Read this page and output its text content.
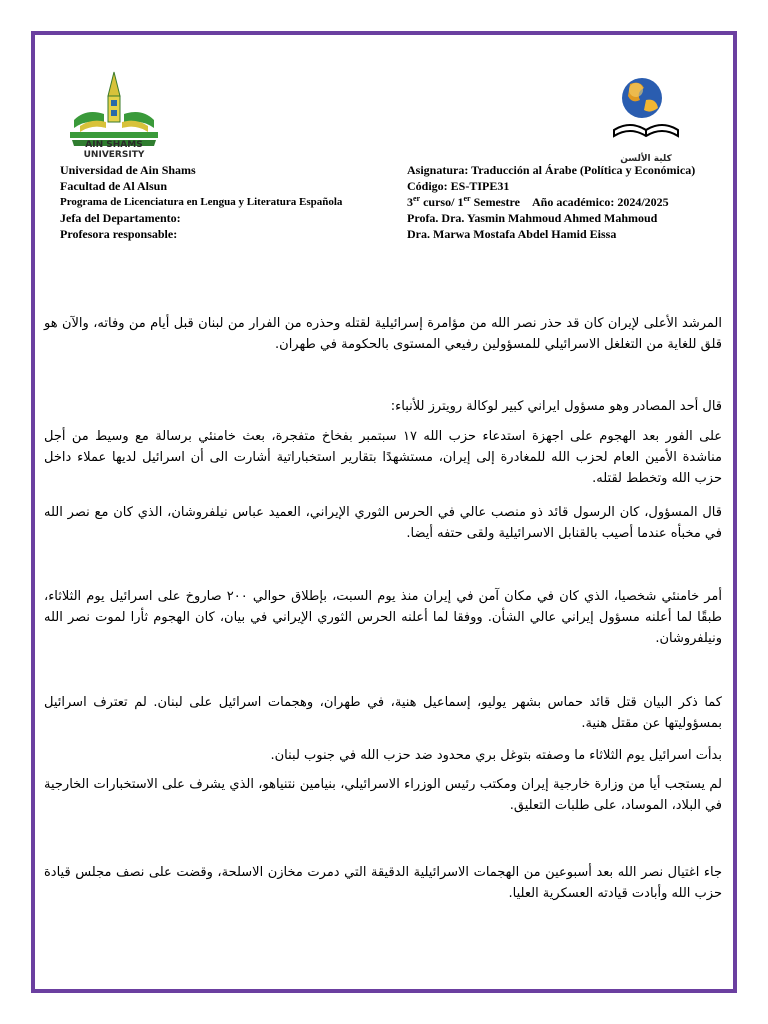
AIN SHAMS UNIVERSITY	كلية الألسن
Universidad de Ain Shams
Facultad de Al Alsun
Programa de Licenciatura en Lengua y Literatura Española
Jefa del Departamento:
Profesora responsable:
Asignatura: Traducción al Árabe (Política y Económica)
Código: ES-TIPE31
3er curso/ 1er Semestre Año académico: 2024/2025
Profa. Dra. Yasmin Mahmoud Ahmed Mahmoud
Dra. Marwa Mostafa Abdel Hamid Eissa

المرشد الأعلى لإيران كان قد حذر نصر الله من مؤامرة إسرائيلية لقتله وحذره من الفرار من لبنان قبل أيام من وفاته، والآن هو قلق للغاية من التغلغل الاسرائيلي للمسؤولين رفيعي المستوى بالحكومة في طهران.

قال أحد المصادر وهو مسؤول ايراني كبير لوكالة رويترز للأنباء:

على الفور بعد الهجوم على اجهزة استدعاء حزب الله ١٧ سبتمبر بفخاخ متفجرة، بعث خامنئي برسالة مع وسيط من أجل مناشدة الأمين العام لحزب الله للمغادرة إلى إيران، مستشهدًا بتقارير استخباراتية أشارت الى أن اسرائيل لديها عملاء داخل حزب الله وتخطط لقتله.

قال المسؤول، كان الرسول قائد ذو منصب عالي في الحرس الثوري الإيراني، العميد عباس نيلفروشان، الذي كان مع نصر الله في مخبأه عندما أصيب بالقنابل الاسرائيلية ولقى حتفه أيضا.

أمر خامنئي شخصيا، الذي كان في مكان آمن في إيران منذ يوم السبت، بإطلاق حوالي ٢٠٠ صاروخ على اسرائيل يوم الثلاثاء، طبقًا لما أعلنه مسؤول إيراني عالي الشأن. ووفقا لما أعلنه الحرس الثوري الإيراني في بيان، كان الهجوم ثأرا لموت نصر الله ونيلفروشان.

كما ذكر البيان قتل قائد حماس بشهر يوليو، إسماعيل هنية، في طهران، وهجمات اسرائيل على لبنان. لم تعترف اسرائيل بمسؤوليتها عن مقتل هنية.

بدأت اسرائيل يوم الثلاثاء ما وصفته بتوغل بري محدود ضد حزب الله في جنوب لبنان.

لم يستجب أيا من وزارة خارجية إيران ومكتب رئيس الوزراء الاسرائيلي، بنيامين نتنياهو، الذي يشرف على الاستخبارات الخارجية في البلاد، الموساد، على طلبات التعليق.

جاء اغتيال نصر الله بعد أسبوعين من الهجمات الاسرائيلية الدقيقة التي دمرت مخازن الاسلحة، وقضت على نصف مجلس قيادة حزب الله وأبادت قيادته العسكرية العليا.
